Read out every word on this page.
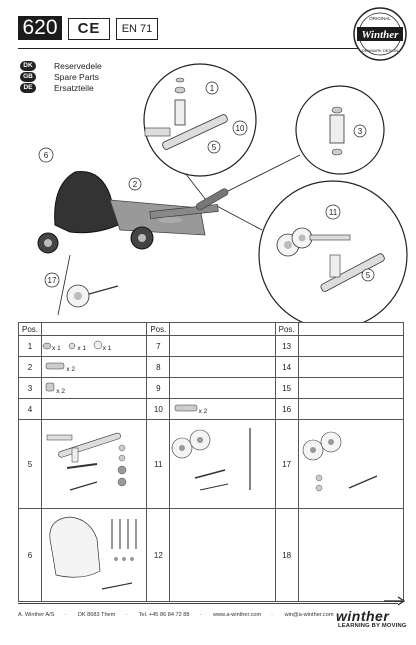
620	CE	EN 71	Winther
ORIGINAL
DENMARK DESIGN
DK	Reservedele
GB Spare Parts
DE	Ersatzteile	1
10
5
3
6
2
11
5
17
Pos.		Pos.		Pos.	
1	x 1 x 1 x 1	7		13	
2	x 2	8		14	
3	x 2	9		15	
4		10	x 2	16	
5		11		17	
6		12		18	
A. Winther A/S · DK 8683 Them · Tel. +45 86 84 72 88 · www.a-winther.com · win@a-winther.com winther
LEARNING BY MOVING
